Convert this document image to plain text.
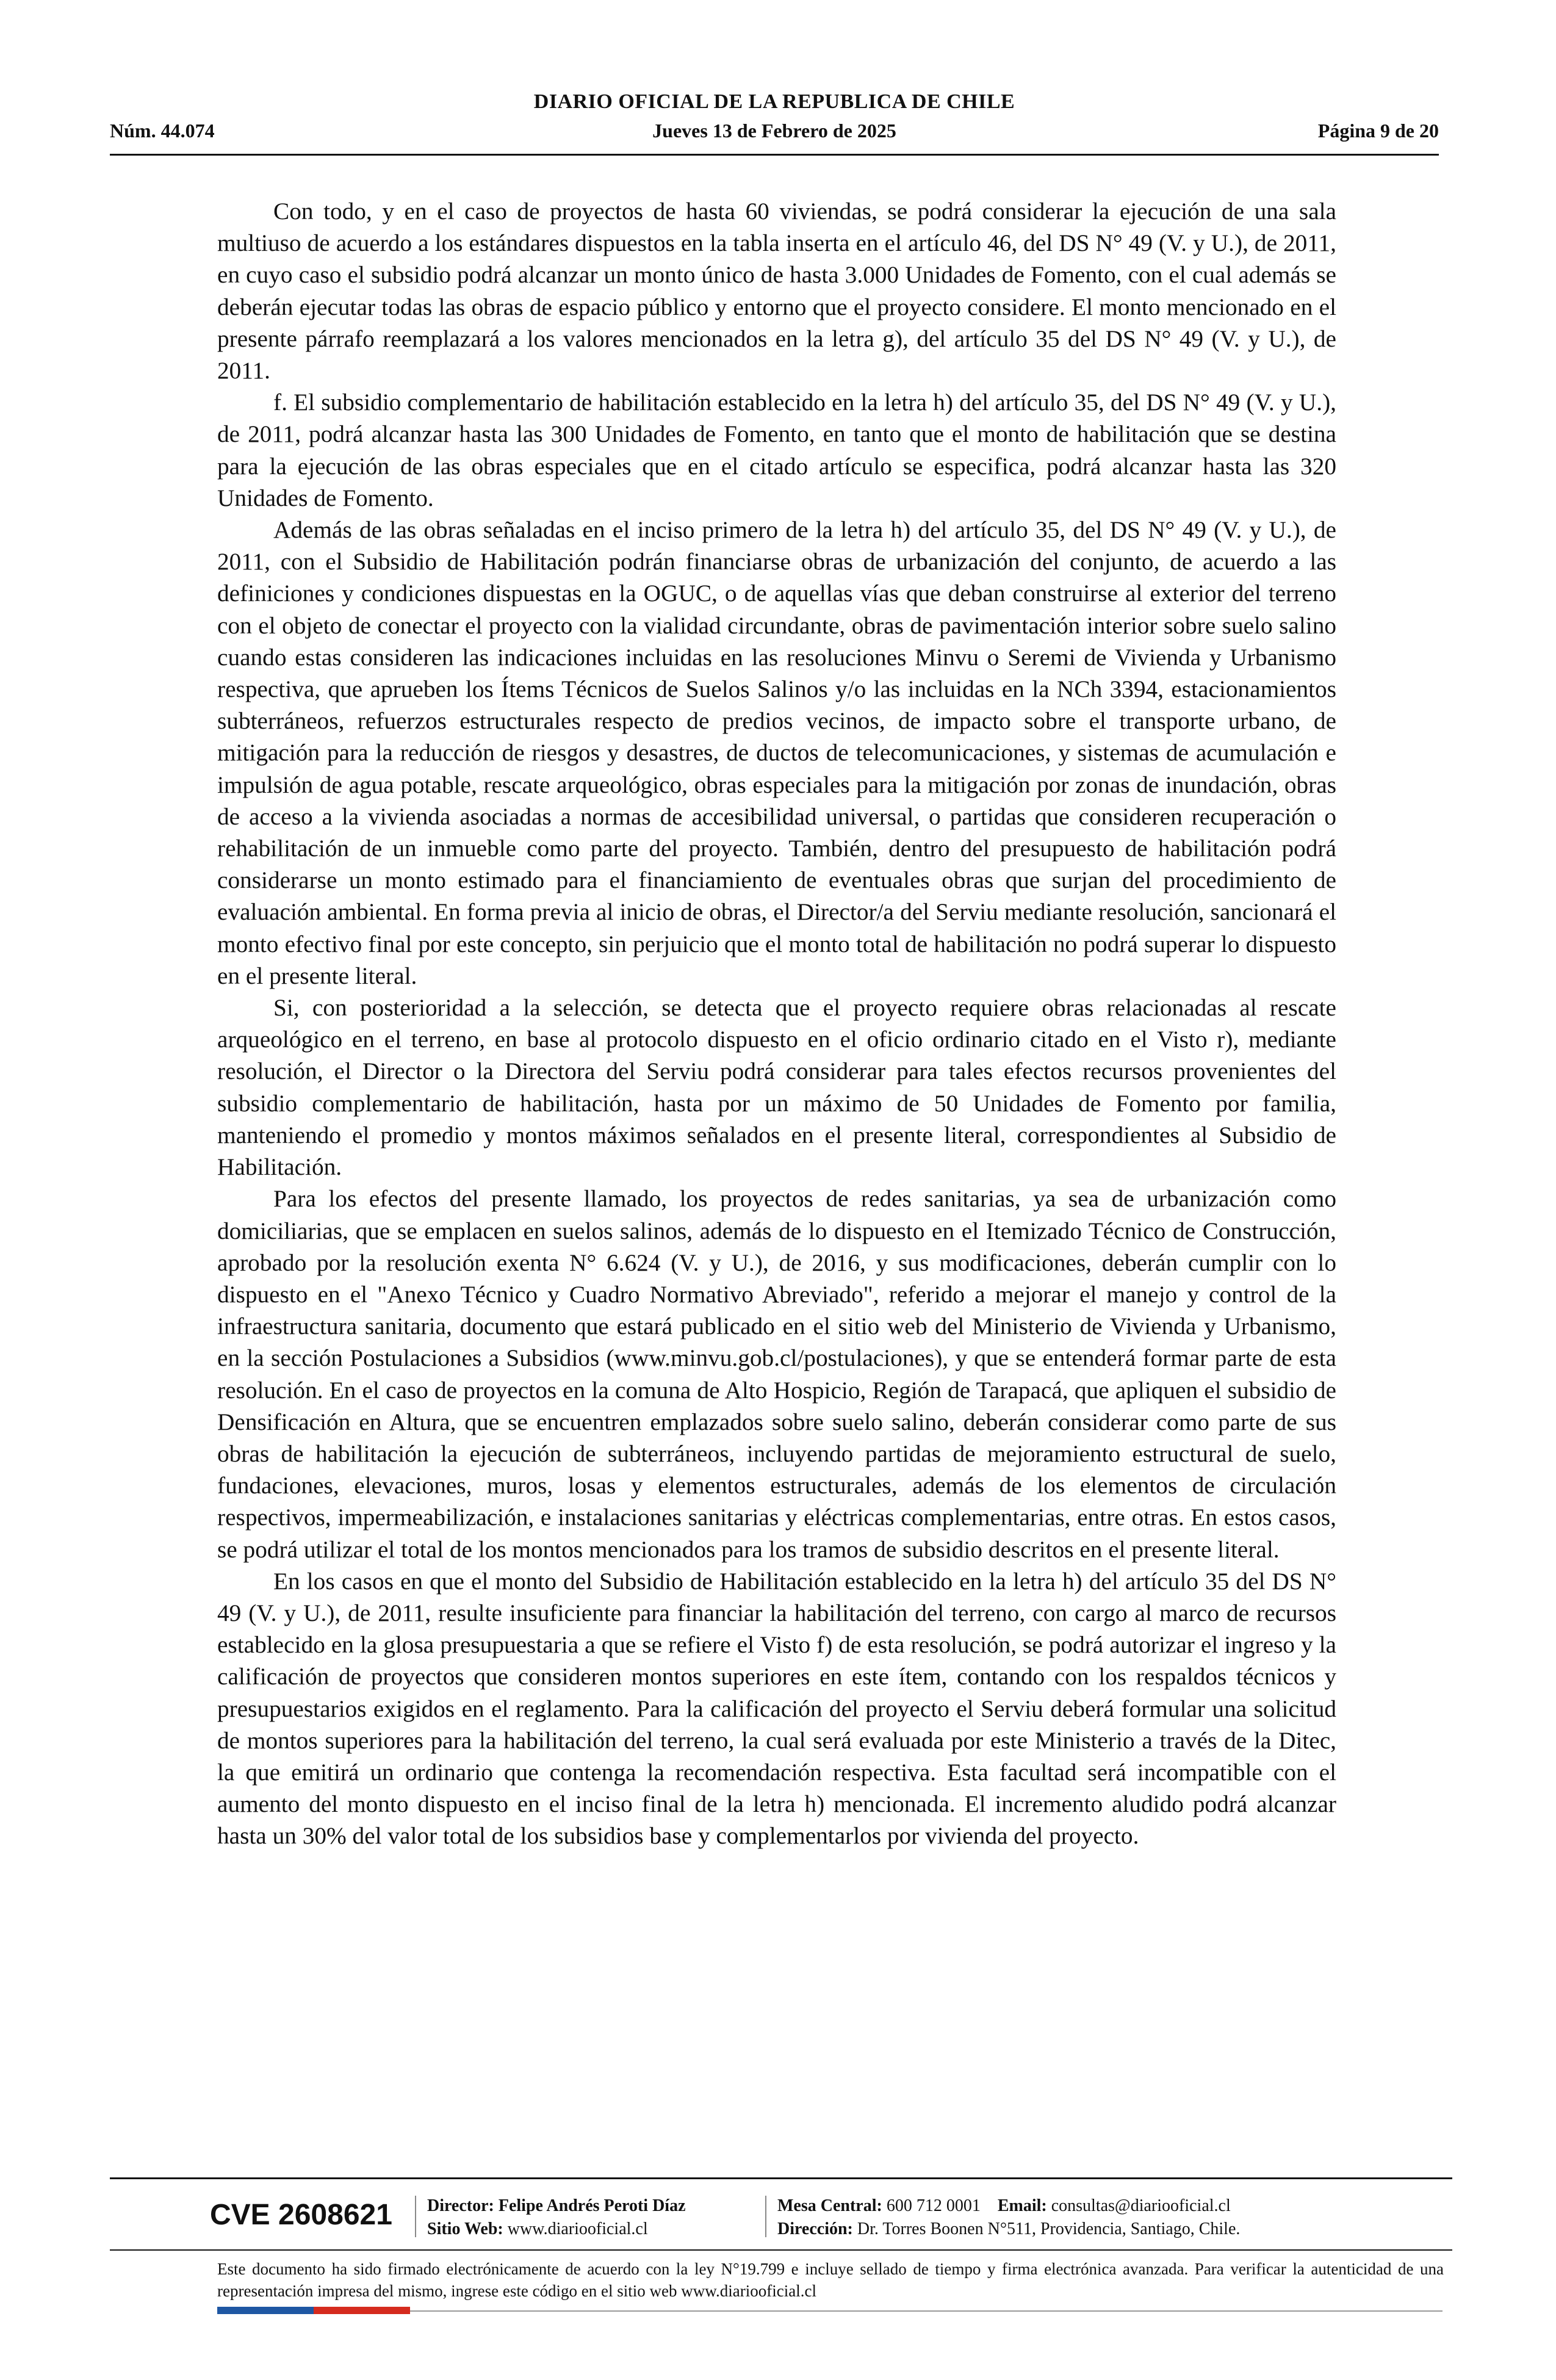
DIARIO OFICIAL DE LA REPUBLICA DE CHILE
Núm. 44.074	Jueves 13 de Febrero de 2025	Página 9 de 20

Con todo, y en el caso de proyectos de hasta 60 viviendas, se podrá considerar la ejecución de una sala multiuso de acuerdo a los estándares dispuestos en la tabla inserta en el artículo 46, del DS N° 49 (V. y U.), de 2011, en cuyo caso el subsidio podrá alcanzar un monto único de hasta 3.000 Unidades de Fomento, con el cual además se deberán ejecutar todas las obras de espacio público y entorno que el proyecto considere. El monto mencionado en el presente párrafo reemplazará a los valores mencionados en la letra g), del artículo 35 del DS N° 49 (V. y U.), de 2011.

f. El subsidio complementario de habilitación establecido en la letra h) del artículo 35, del DS N° 49 (V. y U.), de 2011, podrá alcanzar hasta las 300 Unidades de Fomento, en tanto que el monto de habilitación que se destina para la ejecución de las obras especiales que en el citado artículo se especifica, podrá alcanzar hasta las 320 Unidades de Fomento.

Además de las obras señaladas en el inciso primero de la letra h) del artículo 35, del DS N° 49 (V. y U.), de 2011, con el Subsidio de Habilitación podrán financiarse obras de urbanización del conjunto, de acuerdo a las definiciones y condiciones dispuestas en la OGUC, o de aquellas vías que deban construirse al exterior del terreno con el objeto de conectar el proyecto con la vialidad circundante, obras de pavimentación interior sobre suelo salino cuando estas consideren las indicaciones incluidas en las resoluciones Minvu o Seremi de Vivienda y Urbanismo respectiva, que aprueben los Ítems Técnicos de Suelos Salinos y/o las incluidas en la NCh 3394, estacionamientos subterráneos, refuerzos estructurales respecto de predios vecinos, de impacto sobre el transporte urbano, de mitigación para la reducción de riesgos y desastres, de ductos de telecomunicaciones, y sistemas de acumulación e impulsión de agua potable, rescate arqueológico, obras especiales para la mitigación por zonas de inundación, obras de acceso a la vivienda asociadas a normas de accesibilidad universal, o partidas que consideren recuperación o rehabilitación de un inmueble como parte del proyecto. También, dentro del presupuesto de habilitación podrá considerarse un monto estimado para el financiamiento de eventuales obras que surjan del procedimiento de evaluación ambiental. En forma previa al inicio de obras, el Director/a del Serviu mediante resolución, sancionará el monto efectivo final por este concepto, sin perjuicio que el monto total de habilitación no podrá superar lo dispuesto en el presente literal.

Si, con posterioridad a la selección, se detecta que el proyecto requiere obras relacionadas al rescate arqueológico en el terreno, en base al protocolo dispuesto en el oficio ordinario citado en el Visto r), mediante resolución, el Director o la Directora del Serviu podrá considerar para tales efectos recursos provenientes del subsidio complementario de habilitación, hasta por un máximo de 50 Unidades de Fomento por familia, manteniendo el promedio y montos máximos señalados en el presente literal, correspondientes al Subsidio de Habilitación.

Para los efectos del presente llamado, los proyectos de redes sanitarias, ya sea de urbanización como domiciliarias, que se emplacen en suelos salinos, además de lo dispuesto en el Itemizado Técnico de Construcción, aprobado por la resolución exenta N° 6.624 (V. y U.), de 2016, y sus modificaciones, deberán cumplir con lo dispuesto en el "Anexo Técnico y Cuadro Normativo Abreviado", referido a mejorar el manejo y control de la infraestructura sanitaria, documento que estará publicado en el sitio web del Ministerio de Vivienda y Urbanismo, en la sección Postulaciones a Subsidios (www.minvu.gob.cl/postulaciones), y que se entenderá formar parte de esta resolución. En el caso de proyectos en la comuna de Alto Hospicio, Región de Tarapacá, que apliquen el subsidio de Densificación en Altura, que se encuentren emplazados sobre suelo salino, deberán considerar como parte de sus obras de habilitación la ejecución de subterráneos, incluyendo partidas de mejoramiento estructural de suelo, fundaciones, elevaciones, muros, losas y elementos estructurales, además de los elementos de circulación respectivos, impermeabilización, e instalaciones sanitarias y eléctricas complementarias, entre otras. En estos casos, se podrá utilizar el total de los montos mencionados para los tramos de subsidio descritos en el presente literal.

En los casos en que el monto del Subsidio de Habilitación establecido en la letra h) del artículo 35 del DS N° 49 (V. y U.), de 2011, resulte insuficiente para financiar la habilitación del terreno, con cargo al marco de recursos establecido en la glosa presupuestaria a que se refiere el Visto f) de esta resolución, se podrá autorizar el ingreso y la calificación de proyectos que consideren montos superiores en este ítem, contando con los respaldos técnicos y presupuestarios exigidos en el reglamento. Para la calificación del proyecto el Serviu deberá formular una solicitud de montos superiores para la habilitación del terreno, la cual será evaluada por este Ministerio a través de la Ditec, la que emitirá un ordinario que contenga la recomendación respectiva. Esta facultad será incompatible con el aumento del monto dispuesto en el inciso final de la letra h) mencionada. El incremento aludido podrá alcanzar hasta un 30% del valor total de los subsidios base y complementarlos por vivienda del proyecto.

CVE 2608621 Director: Felipe Andrés Peroti Díaz
Sitio Web: www.diariooficial.cl
Mesa Central: 600 712 0001 Email: consultas@diariooficial.cl
Dirección: Dr. Torres Boonen N°511, Providencia, Santiago, Chile.
Este documento ha sido firmado electrónicamente de acuerdo con la ley N°19.799 e incluye sellado de tiempo y firma electrónica avanzada. Para verificar la autenticidad de una representación impresa del mismo, ingrese este código en el sitio web www.diariooficial.cl
